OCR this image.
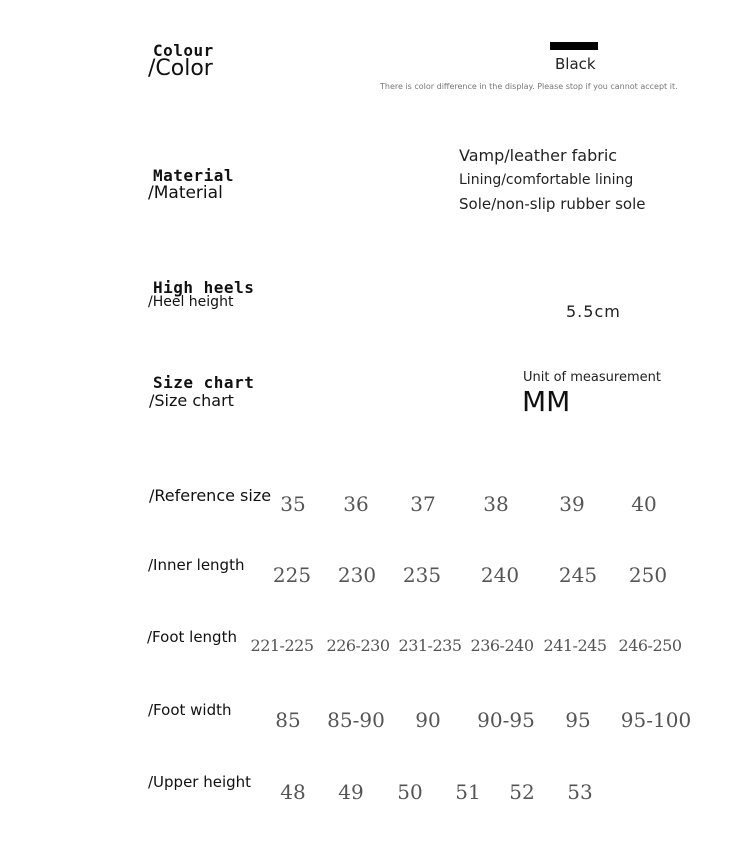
Colour
/Color	Black
There is color difference in the display. Please stop if you cannot accept it.
Material
/Material
Vamp/leather fabric
Lining/comfortable lining
Sole/non-slip rubber sole
High heels
/Heel height	5.5cm
Size chart
/Size chart
Unit of measurement
MM
/Reference size 35 36 37 38	39 40
/Inner length 225 230 235 240 245 250
/Foot length 221-225 226-230 231-235 236-240 241-245 246-250
/Foot width 85 85-90 90 90-95 95 95-100
/Upper height 48 49 50 51 52 53
